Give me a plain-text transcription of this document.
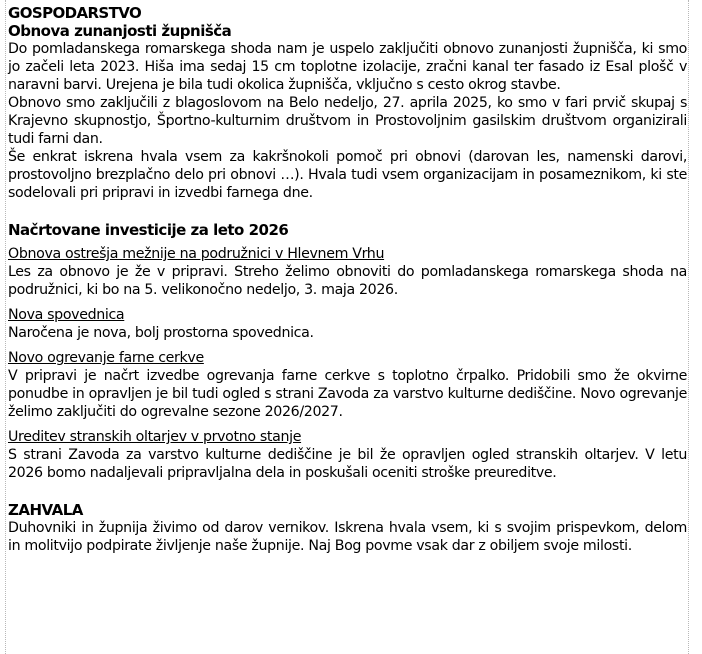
GOSPODARSTVO

Obnova zunanjosti župnišča

Do pomladanskega romarskega shoda nam je uspelo zaključiti obnovo zunanjosti župnišča, ki smo jo začeli leta 2023. Hiša ima sedaj 15 cm toplotne izolacije, zračni kanal ter fasado iz Esal plošč v naravni barvi. Urejena je bila tudi okolica župnišča, vključno s cesto okrog stavbe.

Obnovo smo zaključili z blagoslovom na Belo nedeljo, 27. aprila 2025, ko smo v fari prvič skupaj s Krajevno skupnostjo, Športno-kulturnim društvom in Prostovoljnim gasilskim društvom organizirali tudi farni dan.

Še enkrat iskrena hvala vsem za kakršnokoli pomoč pri obnovi (darovan les, namenski darovi, prostovoljno brezplačno delo pri obnovi …). Hvala tudi vsem organizacijam in posameznikom, ki ste sodelovali pri pripravi in izvedbi farnega dne.

Načrtovane investicije za leto 2026

Obnova ostrešja mežnije na podružnici v Hlevnem Vrhu

Les za obnovo je že v pripravi. Streho želimo obnoviti do pomladanskega romarskega shoda na podružnici, ki bo na 5. velikonočno nedeljo, 3. maja 2026.

Nova spovednica

Naročena je nova, bolj prostorna spovednica.

Novo ogrevanje farne cerkve

V pripravi je načrt izvedbe ogrevanja farne cerkve s toplotno črpalko. Pridobili smo že okvirne ponudbe in opravljen je bil tudi ogled s strani Zavoda za varstvo kulturne dediščine. Novo ogrevanje želimo zaključiti do ogrevalne sezone 2026/2027.

Ureditev stranskih oltarjev v prvotno stanje

S strani Zavoda za varstvo kulturne dediščine je bil že opravljen ogled stranskih oltarjev. V letu 2026 bomo nadaljevali pripravljalna dela in poskušali oceniti stroške preureditve.

ZAHVALA

Duhovniki in župnija živimo od darov vernikov. Iskrena hvala vsem, ki s svojim prispevkom, delom in molitvijo podpirate življenje naše župnije. Naj Bog povme vsak dar z obiljem svoje milosti.
